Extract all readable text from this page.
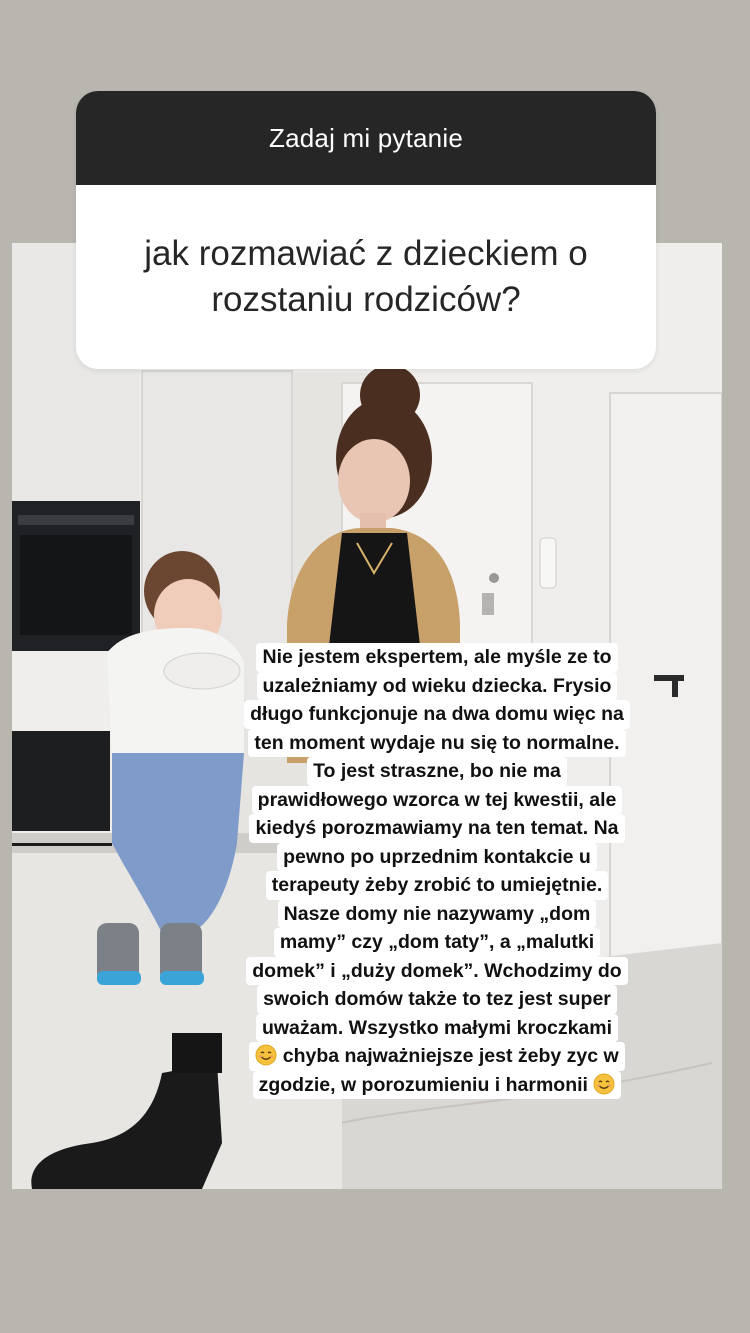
Zadaj mi pytanie
jak rozmawiać z dzieckiem o
rozstaniu rodziców?
Nie jestem ekspertem, ale myśle ze to
uzależniamy od wieku dziecka. Frysio
długo funkcjonuje na dwa domu więc na
ten moment wydaje nu się to normalne.
To jest straszne, bo nie ma
prawidłowego wzorca w tej kwestii, ale
kiedyś porozmawiamy na ten temat. Na
pewno po uprzednim kontakcie u
terapeuty żeby zrobić to umiejętnie.
Nasze domy nie nazywamy „dom
mamy” czy „dom taty”, a „malutki
domek” i „duży domek”. Wchodzimy do
swoich domów także to tez jest super
uważam. Wszystko małymi kroczkami
chyba najważniejsze jest żeby zyc w
zgodzie, w porozumieniu i harmonii
